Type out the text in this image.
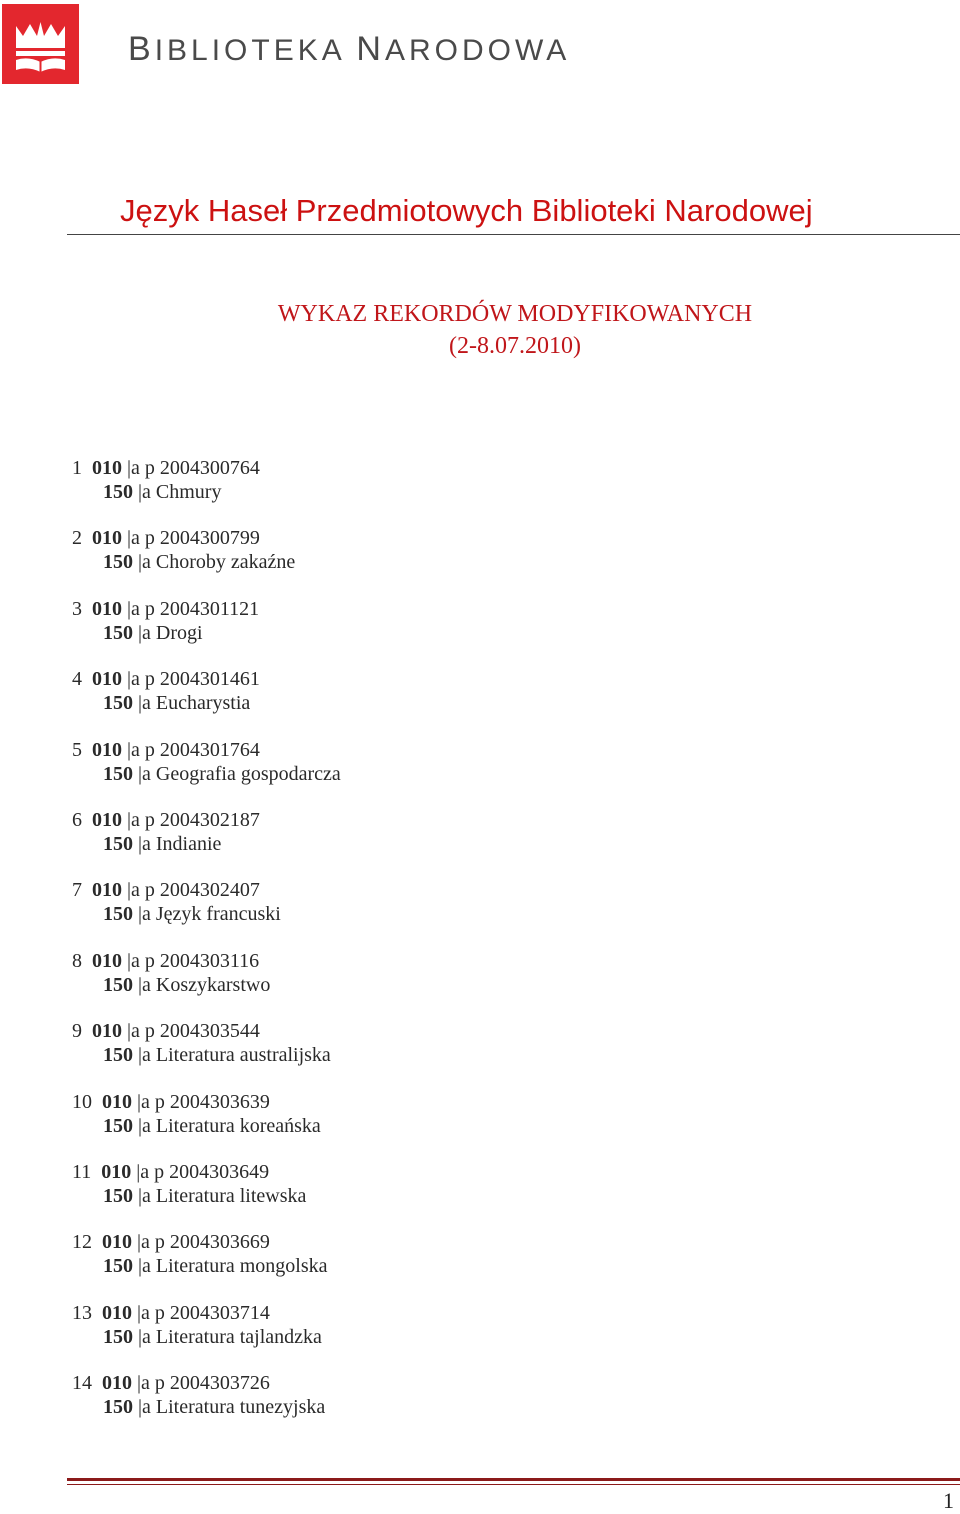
BIBLIOTEKA NARODOWA
Język Haseł Przedmiotowych Biblioteki Narodowej
WYKAZ REKORDÓW MODYFIKOWANYCH
(2-8.07.2010)
1 010 |a p 2004300764
150 |a Chmury
2 010 |a p 2004300799
150 |a Choroby zakaźne
3 010 |a p 2004301121
150 |a Drogi
4 010 |a p 2004301461
150 |a Eucharystia
5 010 |a p 2004301764
150 |a Geografia gospodarcza
6 010 |a p 2004302187
150 |a Indianie
7 010 |a p 2004302407
150 |a Język francuski
8 010 |a p 2004303116
150 |a Koszykarstwo
9 010 |a p 2004303544
150 |a Literatura australijska
10 010 |a p 2004303639
150 |a Literatura koreańska
11 010 |a p 2004303649
150 |a Literatura litewska
12 010 |a p 2004303669
150 |a Literatura mongolska
13 010 |a p 2004303714
150 |a Literatura tajlandzka
14 010 |a p 2004303726
150 |a Literatura tunezyjska
1
